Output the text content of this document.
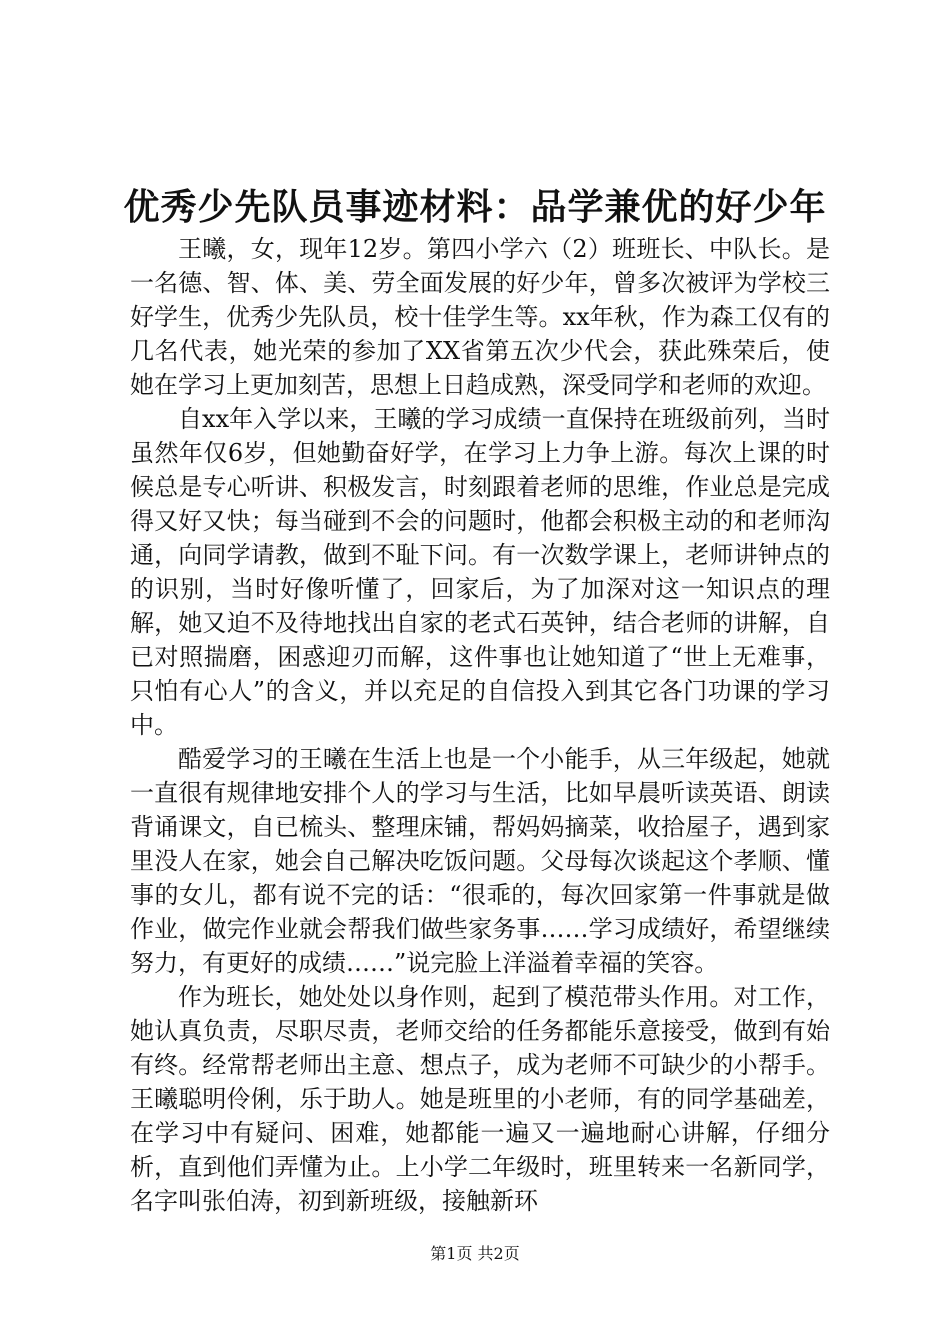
优秀少先队员事迹材料：品学兼优的好少年

王曦，女，现年12岁。第四小学六（2）班班长、中队长。是一名德、智、体、美、劳全面发展的好少年，曾多次被评为学校三好学生，优秀少先队员，校十佳学生等。xx年秋，作为森工仅有的几名代表，她光荣的参加了XX省第五次少代会，获此殊荣后，使她在学习上更加刻苦，思想上日趋成熟，深受同学和老师的欢迎。

自xx年入学以来，王曦的学习成绩一直保持在班级前列，当时虽然年仅6岁，但她勤奋好学，在学习上力争上游。每次上课的时候总是专心听讲、积极发言，时刻跟着老师的思维，作业总是完成得又好又快；每当碰到不会的问题时，他都会积极主动的和老师沟通，向同学请教，做到不耻下问。有一次数学课上，老师讲钟点的的识别，当时好像听懂了，回家后，为了加深对这一知识点的理解，她又迫不及待地找出自家的老式石英钟，结合老师的讲解，自已对照揣磨，困惑迎刃而解，这件事也让她知道了“世上无难事，只怕有心人”的含义，并以充足的自信投入到其它各门功课的学习中。

酷爱学习的王曦在生活上也是一个小能手，从三年级起，她就一直很有规律地安排个人的学习与生活，比如早晨听读英语、朗读背诵课文，自已梳头、整理床铺，帮妈妈摘菜，收拾屋子，遇到家里没人在家，她会自己解决吃饭问题。父母每次谈起这个孝顺、懂事的女儿，都有说不完的话：“很乖的，每次回家第一件事就是做作业，做完作业就会帮我们做些家务事……学习成绩好，希望继续努力，有更好的成绩……”说完脸上洋溢着幸福的笑容。

作为班长，她处处以身作则，起到了模范带头作用。对工作，她认真负责，尽职尽责，老师交给的任务都能乐意接受，做到有始有终。经常帮老师出主意、想点子，成为老师不可缺少的小帮手。王曦聪明伶俐，乐于助人。她是班里的小老师，有的同学基础差，在学习中有疑问、困难，她都能一遍又一遍地耐心讲解，仔细分析，直到他们弄懂为止。上小学二年级时，班里转来一名新同学，名字叫张伯涛，初到新班级，接触新环

第1页 共2页
